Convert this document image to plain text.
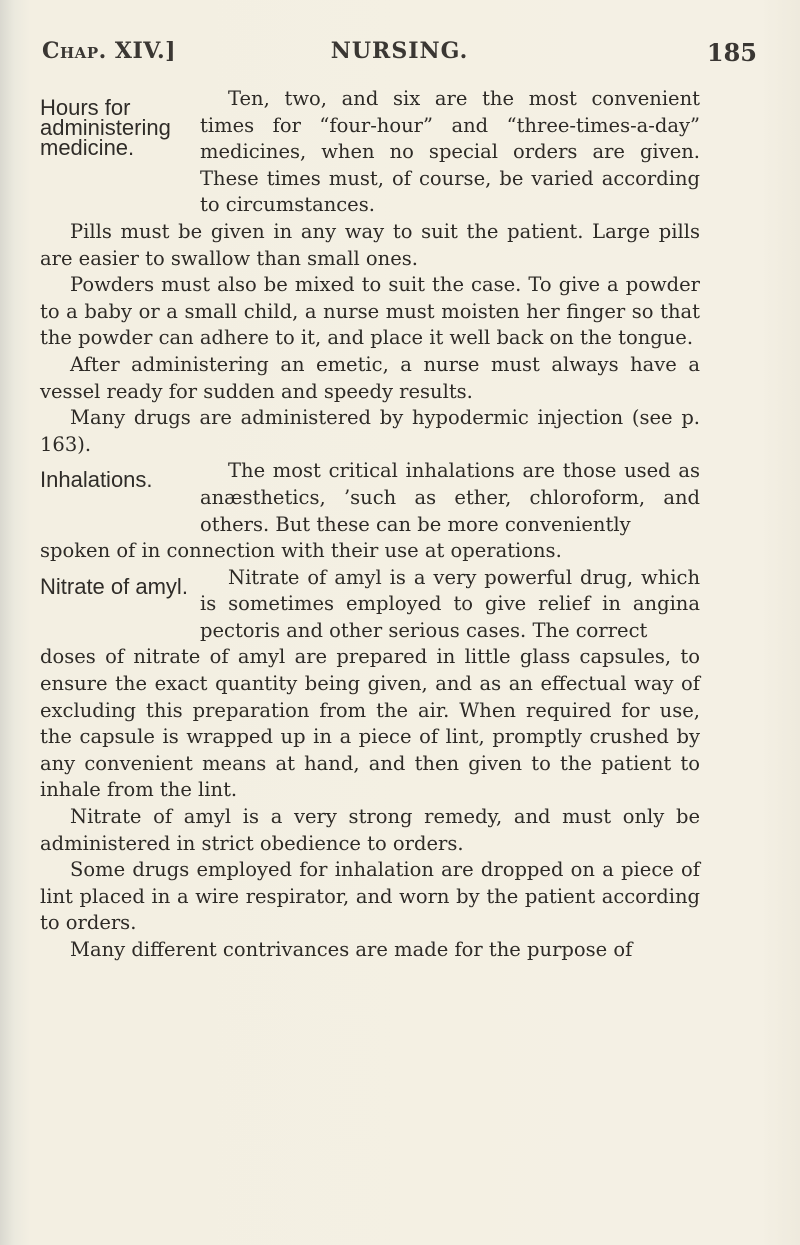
Chap. XIV.]	NURSING.	185
Hours for administering medicine.

Ten, two, and six are the most convenient times for “four-hour” and “three-times-a-day” medicines, when no special orders are given. These times must, of course, be varied according to circumstances.

Pills must be given in any way to suit the patient. Large pills are easier to swallow than small ones.

Powders must also be mixed to suit the case. To give a powder to a baby or a small child, a nurse must moisten her finger so that the powder can adhere to it, and place it well back on the tongue.

After administering an emetic, a nurse must always have a vessel ready for sudden and speedy results.

Many drugs are administered by hypodermic injection (see p. 163).

Inhalations.	The most critical inhalations are those used as anæsthetics, ’such as ether, chloroform, and others. But these can be more conveniently

spoken of in connection with their use at operations.

Nitrate of amyl.	Nitrate of amyl is a very powerful drug, which is sometimes employed to give relief in angina pectoris and other serious cases. The correct

doses of nitrate of amyl are prepared in little glass capsules, to ensure the exact quantity being given, and as an effectual way of excluding this preparation from the air. When required for use, the capsule is wrapped up in a piece of lint, promptly crushed by any convenient means at hand, and then given to the patient to inhale from the lint.

Nitrate of amyl is a very strong remedy, and must only be administered in strict obedience to orders.

Some drugs employed for inhalation are dropped on a piece of lint placed in a wire respirator, and worn by the patient according to orders.

Many different contrivances are made for the purpose of
